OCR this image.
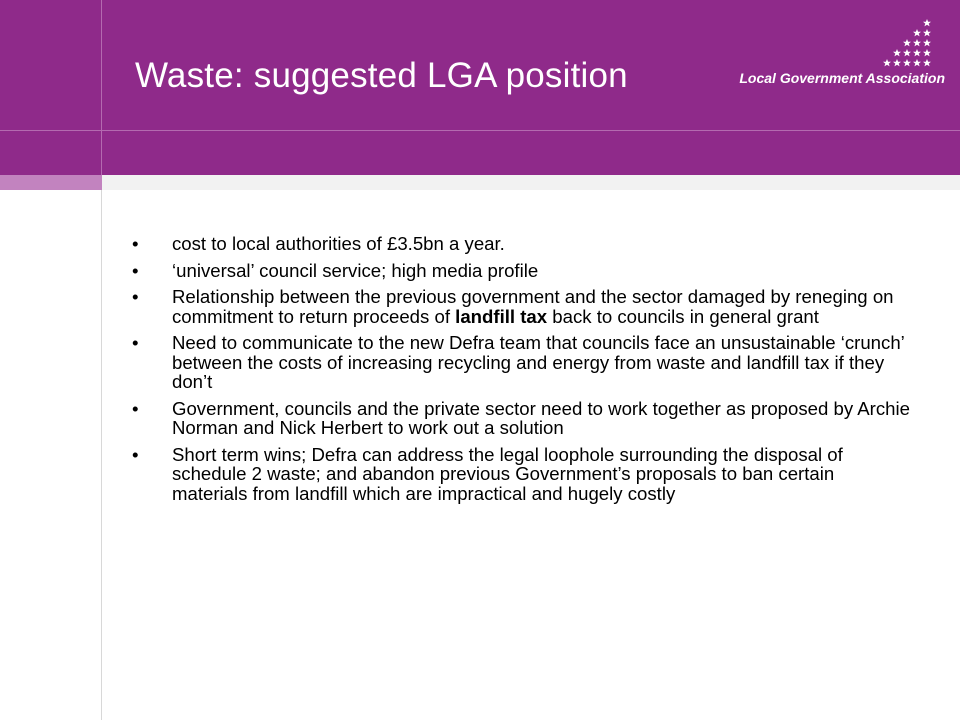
Waste: suggested LGA position	Local Government Association
• cost to local authorities of £3.5bn a year.
• ‘universal’ council service; high media profile
• Relationship between the previous government and the sector damaged by reneging on commitment to return proceeds of landfill tax back to councils in general grant
• Need to communicate to the new Defra team that councils face an unsustainable ‘crunch’ between the costs of increasing recycling and energy from waste and landfill tax if they don’t
• Government, councils and the private sector need to work together as proposed by Archie Norman and Nick Herbert to work out a solution
• Short term wins; Defra can address the legal loophole surrounding the disposal of schedule 2 waste; and abandon previous Government’s proposals to ban certain materials from landfill which are impractical and hugely costly
